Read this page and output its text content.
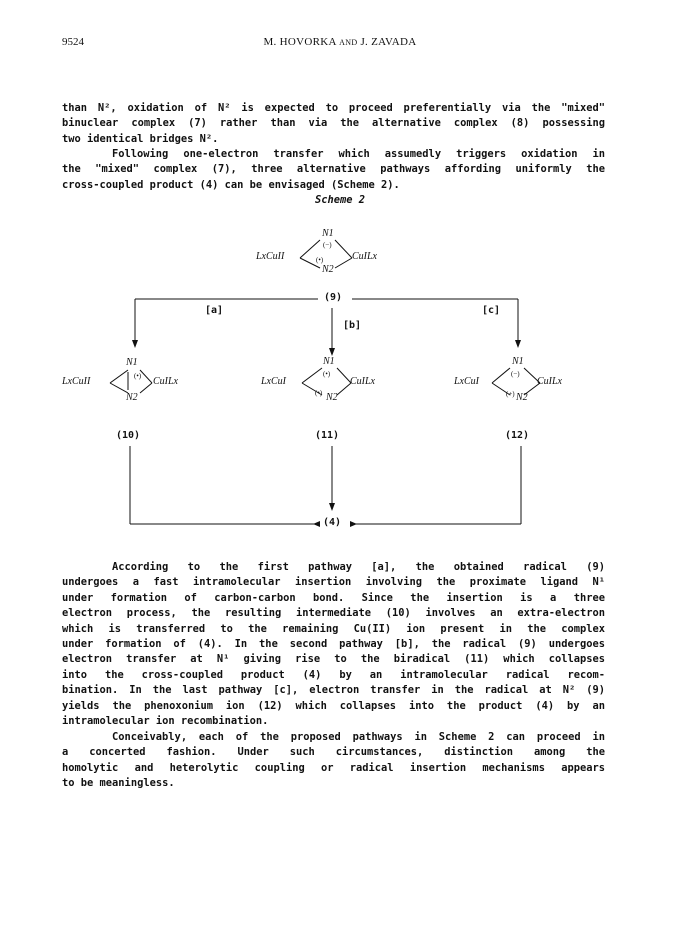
9524	M. HOVORKA and J. ZAVADA
than N², oxidation of N² is expected to proceed preferentially via the "mixed"
binuclear complex (7) rather than via the alternative complex (8) possessing
two identical bridges N².
Following one-electron transfer which assumedly triggers oxidation in
the "mixed" complex (7), three alternative pathways affording uniformly the
cross-coupled product (4) can be envisaged (Scheme 2).
Scheme 2
LxCuII	CuILx
N1
N2
(−)
(•)
(9)
[a]
[b]
[c]
LxCuII	CuILx
N1
N2
(•)
(10)
LxCuI	CuILx
N1
N2
(•)
(•)
(11)
LxCuI	CuILx
N1
N2
(−)
(+)
(12)
(4)
According to the first pathway [a], the obtained radical (9)
undergoes a fast intramolecular insertion involving the proximate ligand N¹
under formation of carbon-carbon bond. Since the insertion is a three
electron process, the resulting intermediate (10) involves an extra-electron
which is transferred to the remaining Cu(II) ion present in the complex
under formation of (4). In the second pathway [b], the radical (9) undergoes
electron transfer at N¹ giving rise to the biradical (11) which collapses
into the cross-coupled product (4) by an intramolecular radical recom-
bination. In the last pathway [c], electron transfer in the radical at N² (9)
yields the phenoxonium ion (12) which collapses into the product (4) by an
intramolecular ion recombination.
Conceivably, each of the proposed pathways in Scheme 2 can proceed in
a concerted fashion. Under such circumstances, distinction among the
homolytic and heterolytic coupling or radical insertion mechanisms appears
to be meaningless.
